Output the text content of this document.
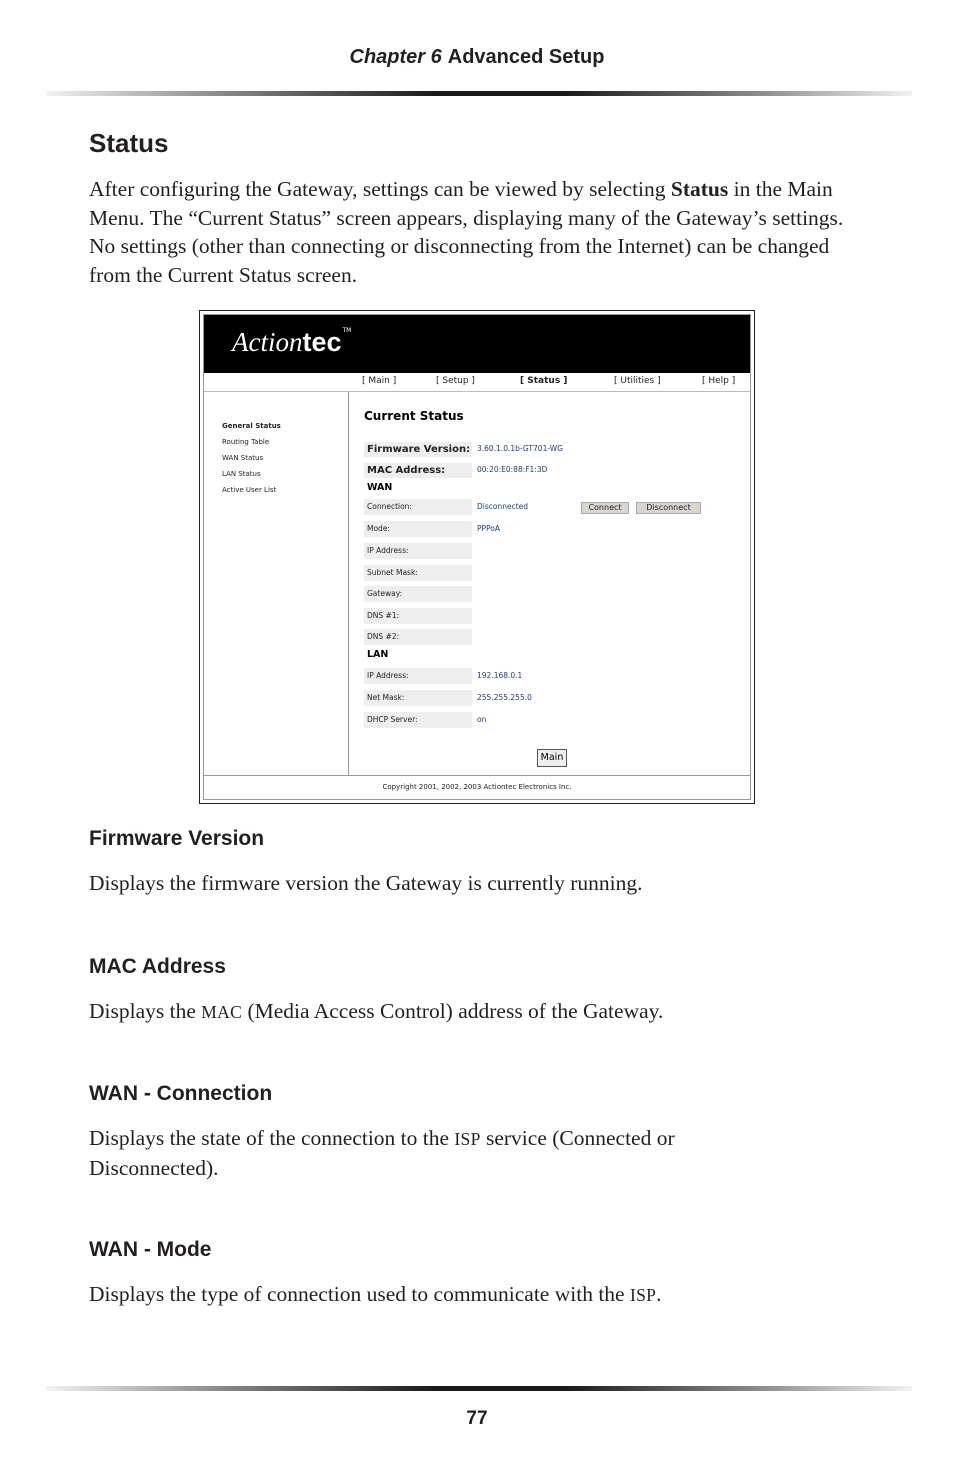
Chapter 6 Advanced Setup
Status

After configuring the Gateway, settings can be viewed by selecting Status in the Main Menu. The “Current Status” screen appears, displaying many of the Gateway’s settings. No settings (other than connecting or disconnecting from the Internet) can be changed from the Current Status screen.

Actiontec™
[ Main ]	[ Setup ]	[ Status ]	[ Utilities ]	[ Help ]
General Status
Routing Table
WAN Status
LAN Status
Active User List
Current Status
Firmware Version: 3.60.1.0.1b-GT701-WG
MAC Address:	00:20:E0:88:F1:3D
WAN
Connection:	Disconnected	Connect	Disconnect
Mode:	PPPoA
IP Address:
Subnet Mask:
Gateway:
DNS #1:
DNS #2:
LAN
IP Address:	192.168.0.1
Net Mask:	255.255.255.0
DHCP Server:	on
Main
Copyright 2001, 2002, 2003 Actiontec Electronics Inc.
Firmware Version

Displays the firmware version the Gateway is currently running.

MAC Address

Displays the MAC (Media Access Control) address of the Gateway.

WAN - Connection

Displays the state of the connection to the ISP service (Connected or Disconnected).

WAN - Mode

Displays the type of connection used to communicate with the ISP.

77
